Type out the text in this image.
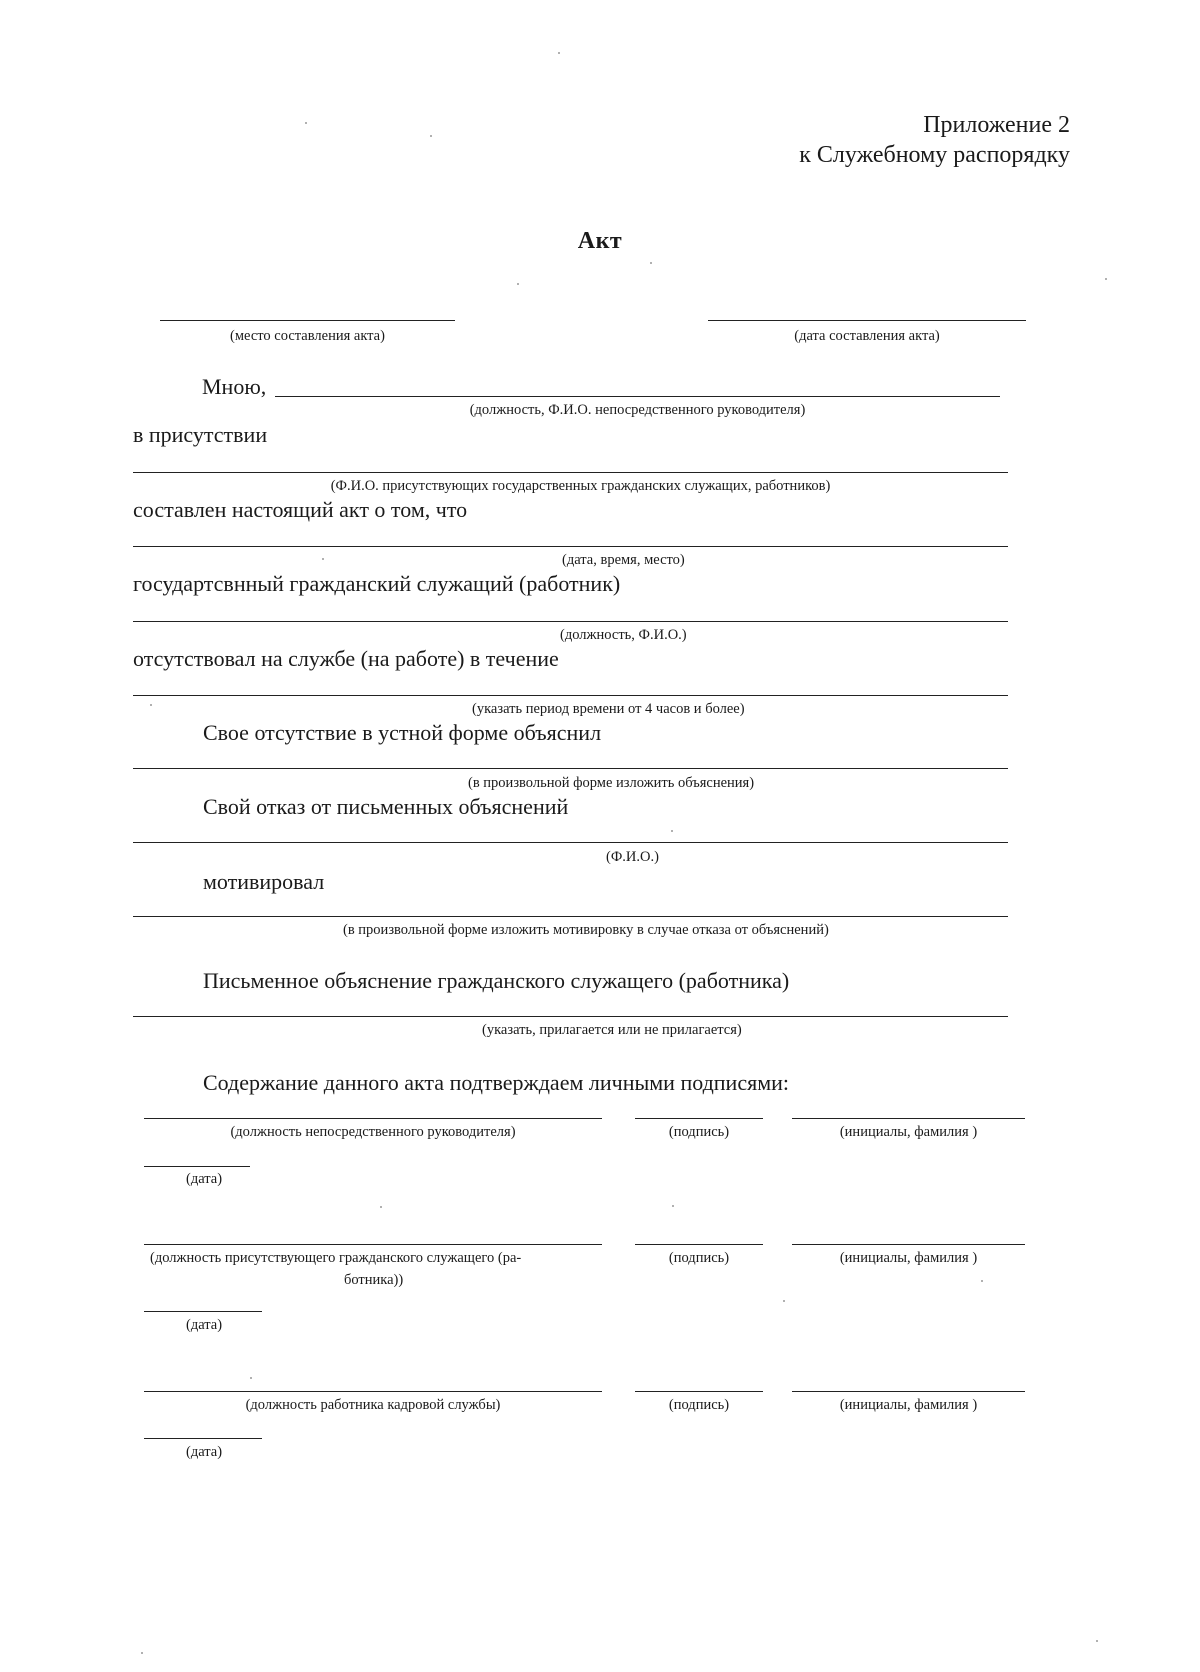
Приложение 2
к Служебному распорядку
Акт
(место составления акта)	(дата составления акта)
Мною,
(должность, Ф.И.О. непосредственного руководителя)
в присутствии
(Ф.И.О. присутствующих государственных гражданских служащих, работников)
составлен настоящий акт о том, что
(дата, время, место)
государтсвнный гражданский служащий (работник)
(должность, Ф.И.О.)
отсутствовал на службе (на работе) в течение
(указать период времени от 4 часов и более)
Свое отсутствие в устной форме объяснил
(в произвольной форме изложить объяснения)
Свой отказ от письменных объяснений
(Ф.И.О.)
мотивировал
(в произвольной форме изложить мотивировку в случае отказа от объяснений)
Письменное объяснение гражданского служащего (работника)
(указать, прилагается или не прилагается)
Содержание данного акта подтверждаем личными подписями:
(должность непосредственного руководителя)	(подпись)	(инициалы, фамилия )
(дата)
(должность присутствующего гражданского служащего (ра-
ботника))
(подпись)	(инициалы, фамилия )
(дата)
(должность работника кадровой службы)	(подпись)	(инициалы, фамилия )
(дата)
